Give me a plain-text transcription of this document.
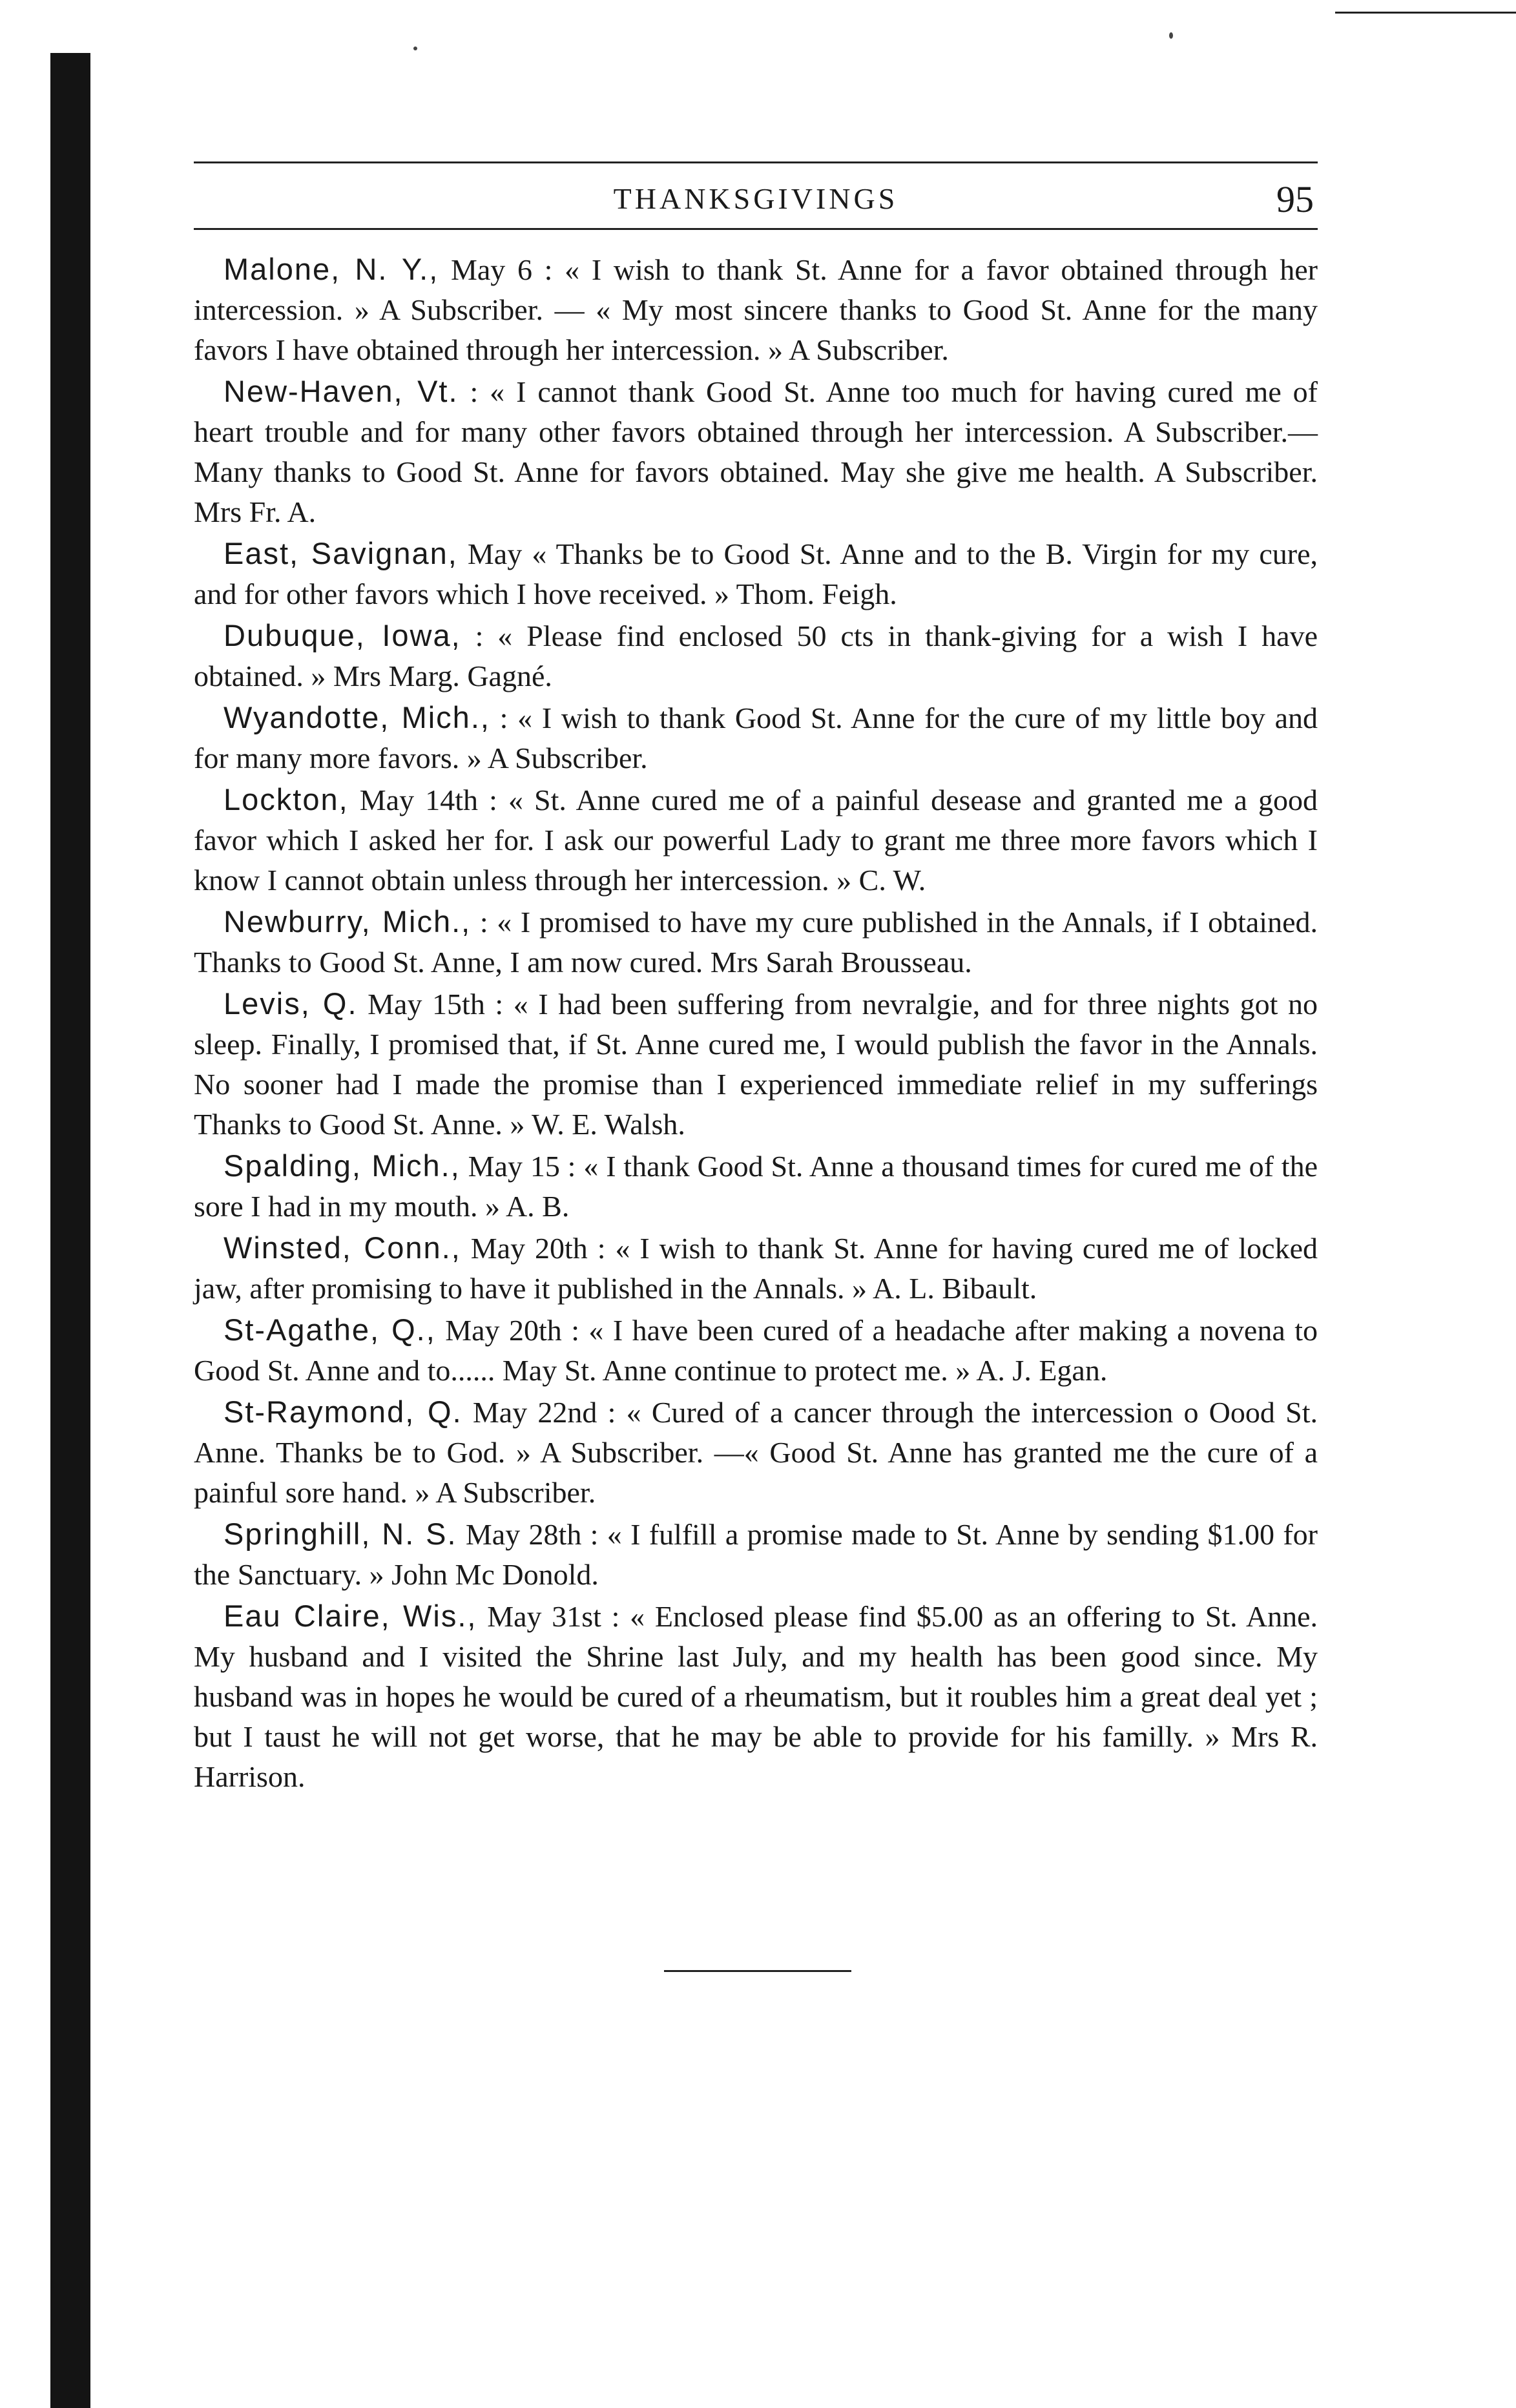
THANKSGIVINGS	95

Malone, N. Y., May 6 : « I wish to thank St. Anne for a favor obtained through her intercession. » A Subscriber. — « My most sincere thanks to Good St. Anne for the many favors I have obtained through her intercession. » A Subscriber.

New-Haven, Vt. : « I cannot thank Good St. Anne too much for having cured me of heart trouble and for many other favors obtained through her intercession. A Subscriber.— Many thanks to Good St. Anne for favors obtained. May she give me health. A Subscriber. Mrs Fr. A.

East, Savignan, May « Thanks be to Good St. Anne and to the B. Virgin for my cure, and for other favors which I hove received. » Thom. Feigh.

Dubuque, Iowa, : « Please find enclosed 50 cts in thank-giving for a wish I have obtained. » Mrs Marg. Gagné.

Wyandotte, Mich., : « I wish to thank Good St. Anne for the cure of my little boy and for many more favors. » A Subscriber.

Lockton, May 14th : « St. Anne cured me of a painful desease and granted me a good favor which I asked her for. I ask our powerful Lady to grant me three more favors which I know I cannot obtain unless through her intercession. » C. W.

Newburry, Mich., : « I promised to have my cure published in the Annals, if I obtained. Thanks to Good St. Anne, I am now cured. Mrs Sarah Brousseau.

Levis, Q. May 15th : « I had been suffering from nevralgie, and for three nights got no sleep. Finally, I promised that, if St. Anne cured me, I would publish the favor in the Annals. No sooner had I made the promise than I experienced immediate relief in my sufferings Thanks to Good St. Anne. » W. E. Walsh.

Spalding, Mich., May 15 : « I thank Good St. Anne a thousand times for cured me of the sore I had in my mouth. » A. B.

Winsted, Conn., May 20th : « I wish to thank St. Anne for having cured me of locked jaw, after promising to have it published in the Annals. » A. L. Bibault.

St-Agathe, Q., May 20th : « I have been cured of a headache after making a novena to Good St. Anne and to...... May St. Anne continue to protect me. » A. J. Egan.

St-Raymond, Q. May 22nd : « Cured of a cancer through the intercession o Oood St. Anne. Thanks be to God. » A Subscriber. —« Good St. Anne has granted me the cure of a painful sore hand. » A Subscriber.

Springhill, N. S. May 28th : « I fulfill a promise made to St. Anne by sending $1.00 for the Sanctuary. » John Mc Donold.

Eau Claire, Wis., May 31st : « Enclosed please find $5.00 as an offering to St. Anne. My husband and I visited the Shrine last July, and my health has been good since. My husband was in hopes he would be cured of a rheumatism, but it roubles him a great deal yet ; but I taust he will not get worse, that he may be able to provide for his familly. » Mrs R. Harrison.
